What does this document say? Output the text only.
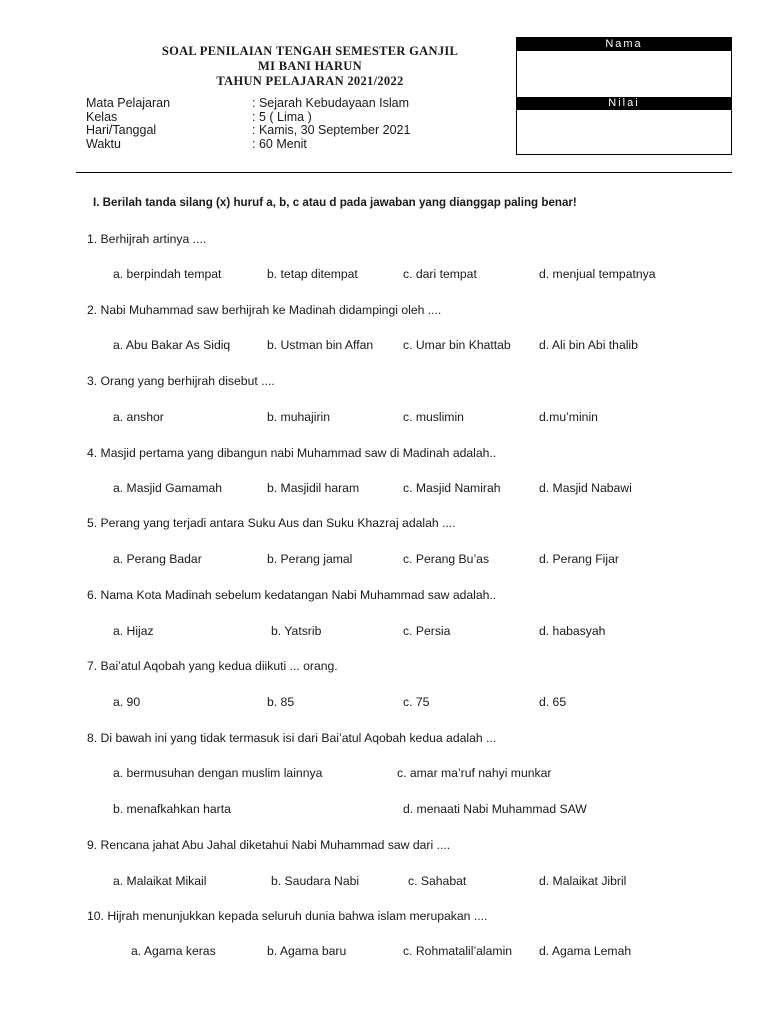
SOAL PENILAIAN TENGAH SEMESTER GANJIL
MI BANI HARUN
TAHUN PELAJARAN 2021/2022
Mata Pelajaran	: Sejarah Kebudayaan Islam
Kelas	: 5 ( Lima )
Hari/Tanggal	: Kamis, 30 September 2021
Waktu	: 60 Menit
Nama
Nilai
I. Berilah tanda silang (x) huruf a, b, c atau d pada jawaban yang dianggap paling benar!
1. Berhijrah artinya ....
a. berpindah tempat	b. tetap ditempat	c. dari tempat	d. menjual tempatnya
2. Nabi Muhammad saw berhijrah ke Madinah didampingi oleh ....
a. Abu Bakar As Sidiq	b. Ustman bin Affan c. Umar bin Khattab d. Ali bin Abi thalib
3. Orang yang berhijrah disebut ....
a. anshor	b. muhajirin	c. muslimin	d.mu’minin
4. Masjid pertama yang dibangun nabi Muhammad saw di Madinah adalah..
a. Masjid Gamamah	b. Masjidil haram	c. Masjid Namirah	d. Masjid Nabawi
5. Perang yang terjadi antara Suku Aus dan Suku Khazraj adalah ....
a. Perang Badar	b. Perang jamal	c. Perang Bu’as	d. Perang Fijar
6. Nama Kota Madinah sebelum kedatangan Nabi Muhammad saw adalah..
a. Hijaz	b. Yatsrib	c. Persia	d. habasyah
7. Bai’atul Aqobah yang kedua diikuti ... orang.
a. 90	b. 85	c. 75	d. 65
8. Di bawah ini yang tidak termasuk isi dari Bai’atul Aqobah kedua adalah ...
a. bermusuhan dengan muslim lainnya	c. amar ma’ruf nahyi munkar
b. menafkahkan harta	d. menaati Nabi Muhammad SAW
9. Rencana jahat Abu Jahal diketahui Nabi Muhammad saw dari ....
a. Malaikat Mikail	b. Saudara Nabi	c. Sahabat	d. Malaikat Jibril
10. Hijrah menunjukkan kepada seluruh dunia bahwa islam merupakan ....
a. Agama keras	b. Agama baru	c. Rohmatalil’alamin d. Agama Lemah
